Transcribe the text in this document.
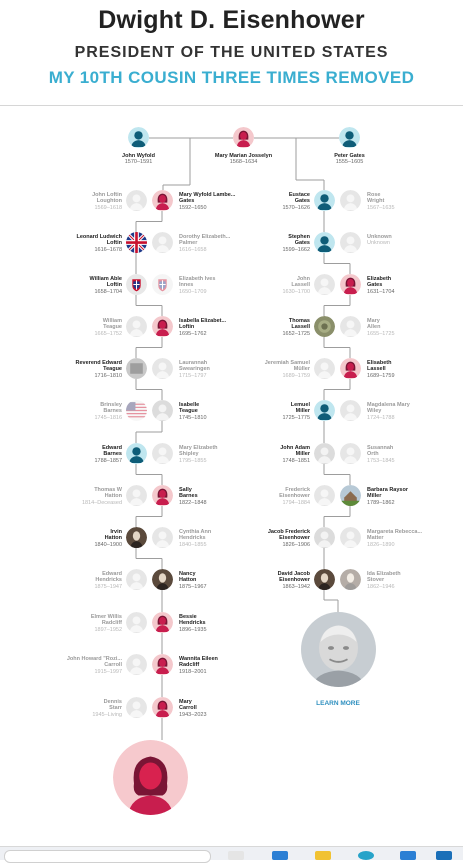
Dwight D. Eisenhower
PRESIDENT OF THE UNITED STATES
MY 10TH COUSIN THREE TIMES REMOVED
John Wyfold
1570–1591
Mary Marian Josselyn
1568–1634
Peter Gates
1555–1605
John Loftin
Loughton
1569–1618
Mary Wyfold Lambe...
Gates
1592–1650
Leonard Ludwich
Loftin
1616–1678
Dorothy Elizabeth...
Palmer
1616–1658
William Able
Loftin
1658–1704
Elizabeth Ives
Innes
1650–1709
William
Teague
1665–1752
Isabella Elizabet...
Loftin
1695–1762
Reverend Edward
Teague
1716–1810
Laurannah
Swearingen
1715–1797
Brinsley
Barnes
1745–1816
Isabelle
Teague
1745–1810
Edward
Barnes
1788–1857
Mary Elizabeth
Shipley
1795–1855
Thomas W
Hatton
1814–Deceased
Sally
Barnes
1822–1848
Irvin
Hatton
1840–1900
Cynthia Ann
Hendricks
1840–1855
Edward
Hendricks
1875–1947
Nancy
Hatton
1875–1967
Elmer Willis
Radcliff
1897–1952
Bessie
Hendricks
1896–1935
John Howard "Rozi...
Carroll
1915–1997
Wannita Eileen
Radcliff
1918–2001
Dennis
Starr
1945–Living
Mary
Carroll
1943–2023
Eustace
Gates
1570–1626
Rose
Wright
1567–1635
Stephen
Gates
1599–1662
Unknown
Unknown
John
Lassell
1630–1700
Elizabeth
Gates
1631–1704
Thomas
Lassell
1652–1725
Mary
Allen
1655–1725
Jeremiah Samuel
Müller
1689–1759
Elisabeth
Lassell
1689–1759
Lemuel
Miller
1725–1775
Magdalena Mary
Wiley
1724–1788
John Adam
Miller
1748–1851
Susannah
Orth
1753–1845
Frederick
Eisenhower
1794–1884
Barbara Raysor
Miller
1789–1862
Jacob Frederick
Eisenhower
1826–1906
Margareta Rebecca...
Matter
1826–1890
David Jacob
Eisenhower
1863–1942
Ida Elizabeth
Stover
1862–1946
LEARN MORE
